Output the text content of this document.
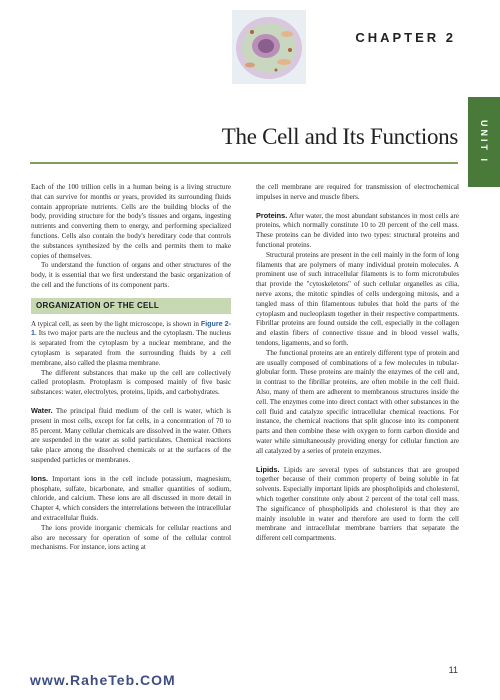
CHAPTER 2
UNIT I
The Cell and Its Functions

Each of the 100 trillion cells in a human being is a living structure that can survive for months or years, provided its surrounding fluids contain appropriate nutrients. Cells are the building blocks of the body, providing structure for the body's tissues and organs, ingesting nutrients and converting them to energy, and performing specialized functions. Cells also contain the body's hereditary code that controls the substances synthesized by the cells and permits them to make copies of themselves.

To understand the function of organs and other structures of the body, it is essential that we first understand the basic organization of the cell and the functions of its component parts.

ORGANIZATION OF THE CELL

A typical cell, as seen by the light microscope, is shown in Figure 2-1. Its two major parts are the nucleus and the cytoplasm. The nucleus is separated from the cytoplasm by a nuclear membrane, and the cytoplasm is separated from the surrounding fluids by a cell membrane, also called the plasma membrane.

The different substances that make up the cell are collectively called protoplasm. Protoplasm is composed mainly of five basic substances: water, electrolytes, proteins, lipids, and carbohydrates.

Water. The principal fluid medium of the cell is water, which is present in most cells, except for fat cells, in a concentration of 70 to 85 percent. Many cellular chemicals are dissolved in the water. Others are suspended in the water as solid particulates. Chemical reactions take place among the dissolved chemicals or at the surfaces of the suspended particles or membranes.

Ions. Important ions in the cell include potassium, magnesium, phosphate, sulfate, bicarbonate, and smaller quantities of sodium, chloride, and calcium. These ions are all discussed in more detail in Chapter 4, which considers the interrelations between the intracellular and extracellular fluids.

The ions provide inorganic chemicals for cellular reactions and also are necessary for operation of some of the cellular control mechanisms. For instance, ions acting at

the cell membrane are required for transmission of electrochemical impulses in nerve and muscle fibers.

Proteins. After water, the most abundant substances in most cells are proteins, which normally constitute 10 to 20 percent of the cell mass. These proteins can be divided into two types: structural proteins and functional proteins.

Structural proteins are present in the cell mainly in the form of long filaments that are polymers of many individual protein molecules. A prominent use of such intracellular filaments is to form microtubules that provide the "cytoskeletons" of such cellular organelles as cilia, nerve axons, the mitotic spindles of cells undergoing mitosis, and a tangled mass of thin filamentous tubules that hold the parts of the cytoplasm and nucleoplasm together in their respective compartments. Fibrillar proteins are found outside the cell, especially in the collagen and elastin fibers of connective tissue and in blood vessel walls, tendons, ligaments, and so forth.

The functional proteins are an entirely different type of protein and are usually composed of combinations of a few molecules in tubular-globular form. These proteins are mainly the enzymes of the cell and, in contrast to the fibrillar proteins, are often mobile in the cell fluid. Also, many of them are adherent to membranous structures inside the cell. The enzymes come into direct contact with other substances in the cell fluid and catalyze specific intracellular chemical reactions. For instance, the chemical reactions that split glucose into its component parts and then combine these with oxygen to form carbon dioxide and water while simultaneously providing energy for cellular function are all catalyzed by a series of protein enzymes.

Lipids. Lipids are several types of substances that are grouped together because of their common property of being soluble in fat solvents. Especially important lipids are phospholipids and cholesterol, which together constitute only about 2 percent of the total cell mass. The significance of phospholipids and cholesterol is that they are mainly insoluble in water and therefore are used to form the cell membrane and intracellular membrane barriers that separate the different cell compartments.

www.RaheTeb.COM
11
